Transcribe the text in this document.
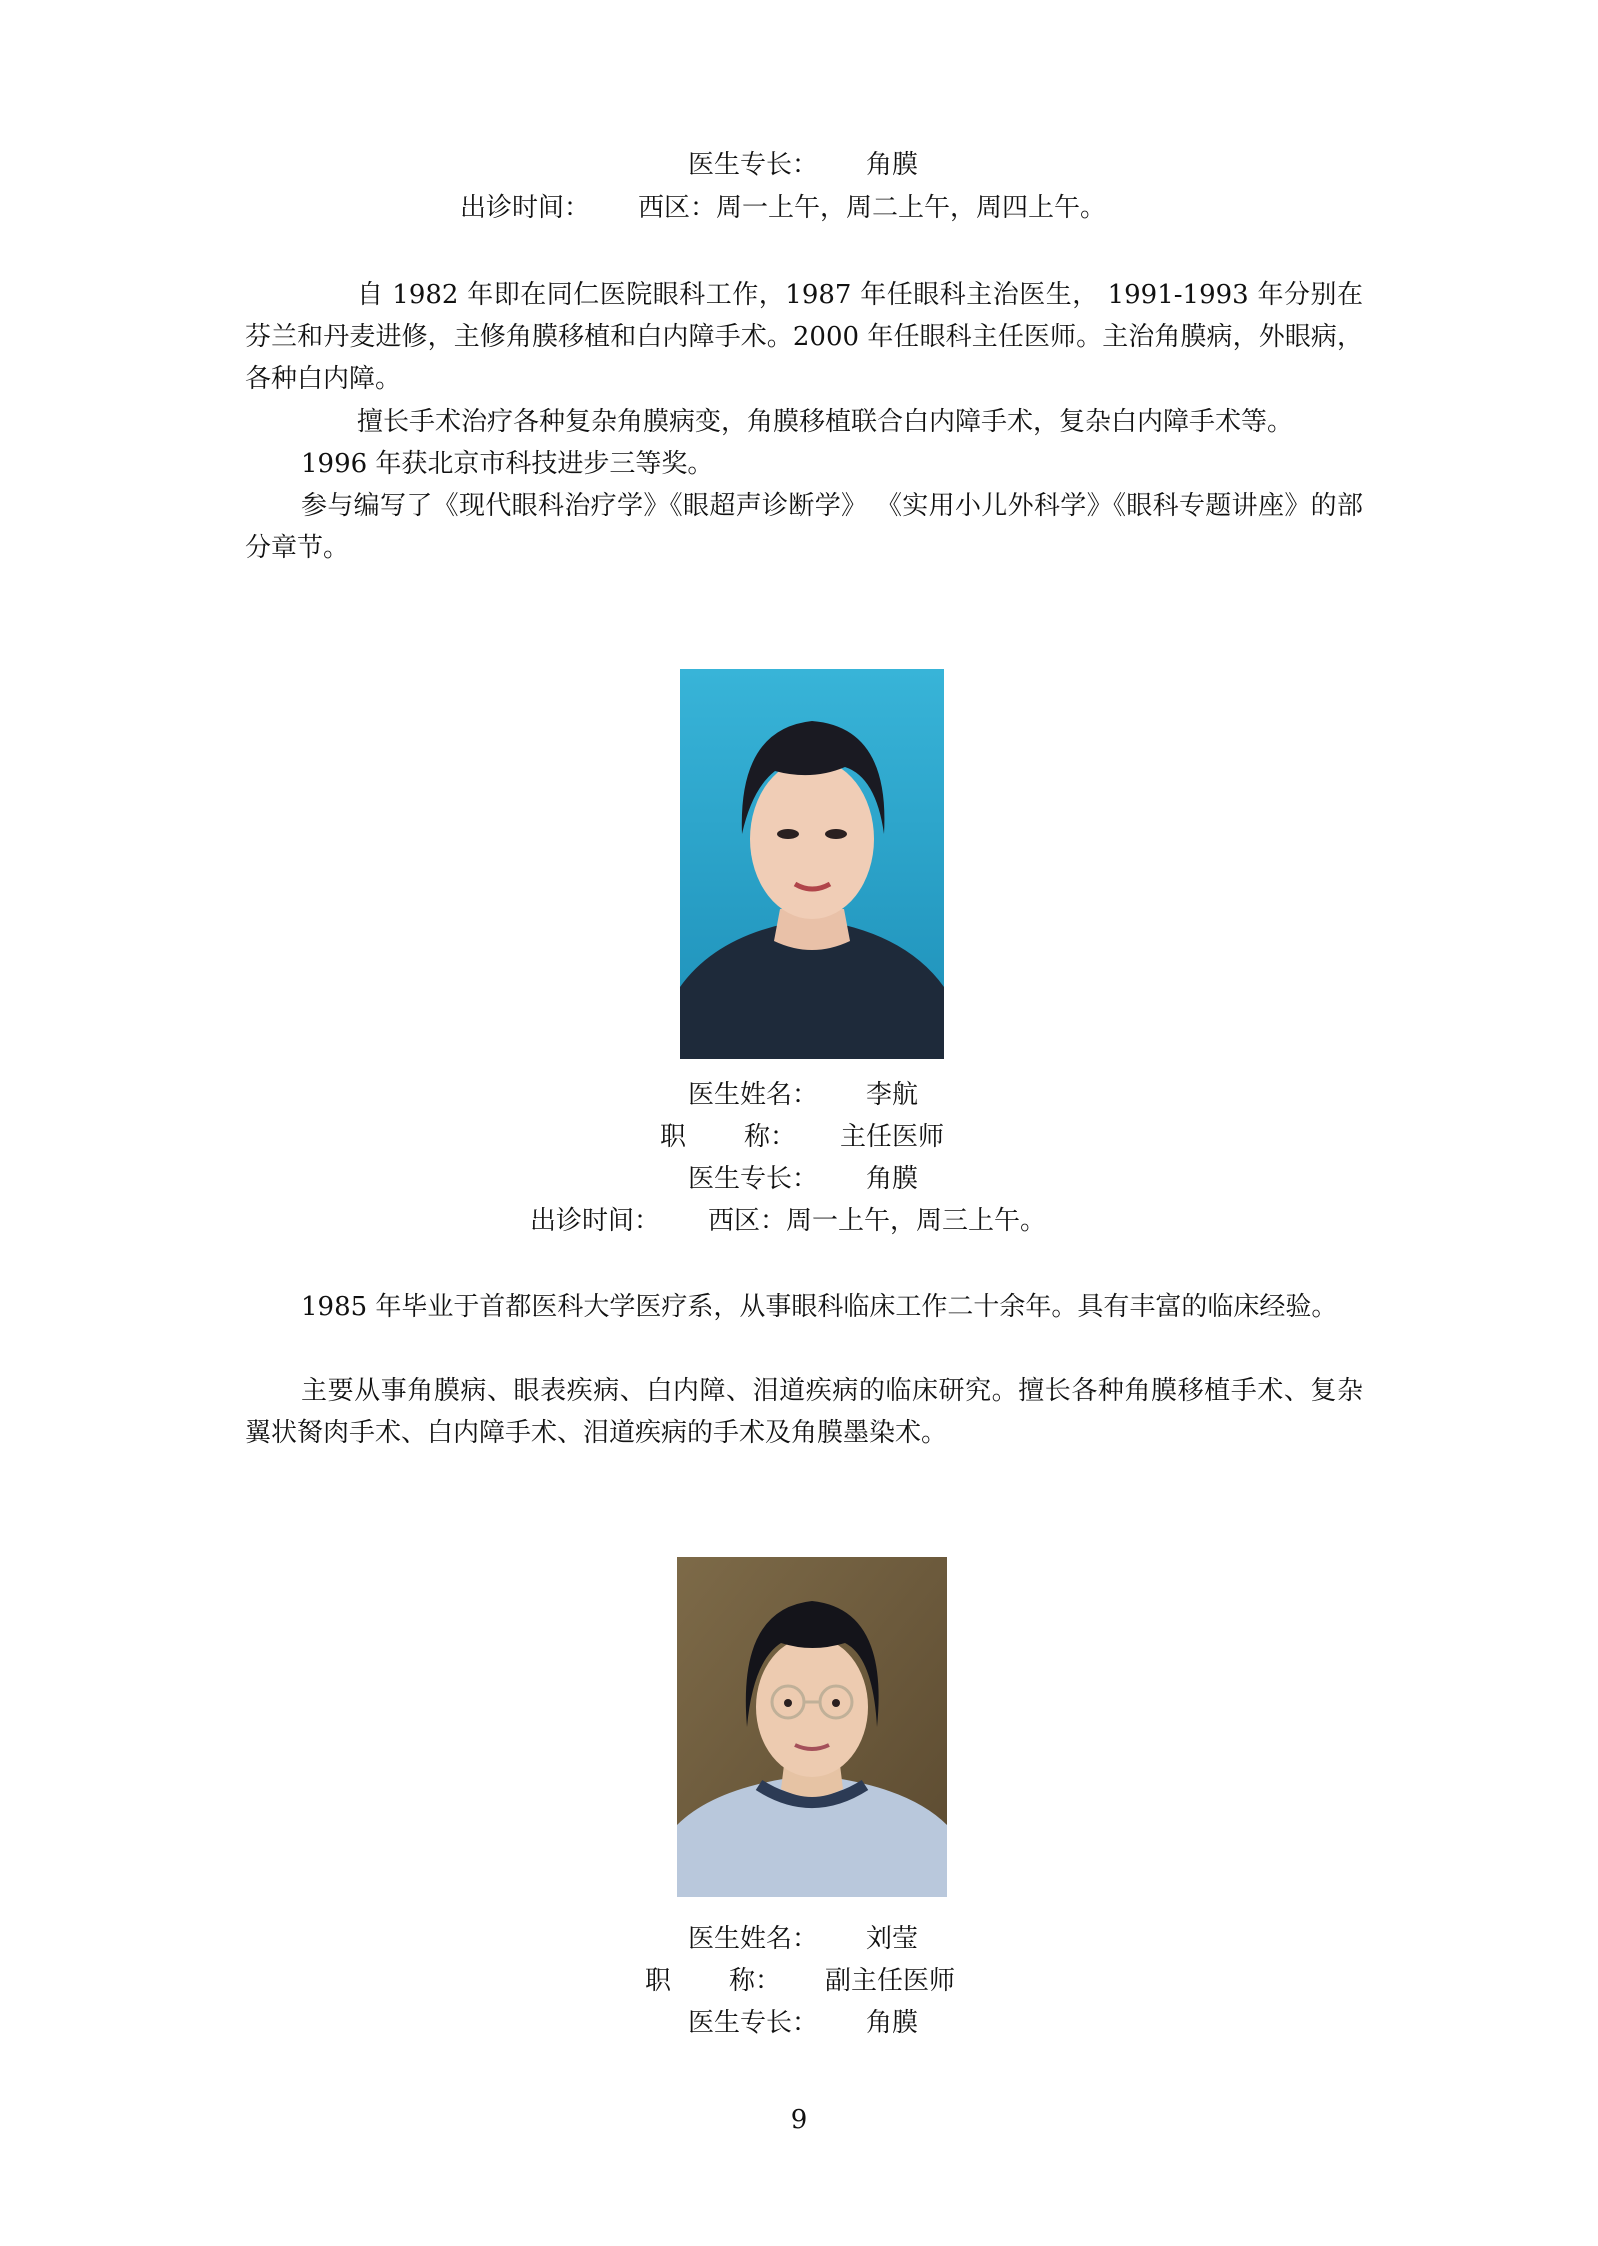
医生专长： 角膜
出诊时间： 西区：周一上午，周二上午，周四上午。
自 1982 年即在同仁医院眼科工作，1987 年任眼科主治医生， 1991-1993 年分别在芬兰和丹麦进修，主修角膜移植和白内障手术。2000 年任眼科主任医师。主治角膜病，外眼病，各种白内障。
擅长手术治疗各种复杂角膜病变，角膜移植联合白内障手术，复杂白内障手术等。
1996 年获北京市科技进步三等奖。
参与编写了《现代眼科治疗学》《眼超声诊断学》 《实用小儿外科学》《眼科专题讲座》的部分章节。
医生姓名： 李航
职 称： 主任医师
医生专长： 角膜
出诊时间： 西区：周一上午，周三上午。
1985 年毕业于首都医科大学医疗系，从事眼科临床工作二十余年。具有丰富的临床经验。
主要从事角膜病、眼表疾病、白内障、泪道疾病的临床研究。擅长各种角膜移植手术、复杂翼状胬肉手术、白内障手术、泪道疾病的手术及角膜墨染术。
医生姓名： 刘莹
职 称： 副主任医师
医生专长： 角膜
9
